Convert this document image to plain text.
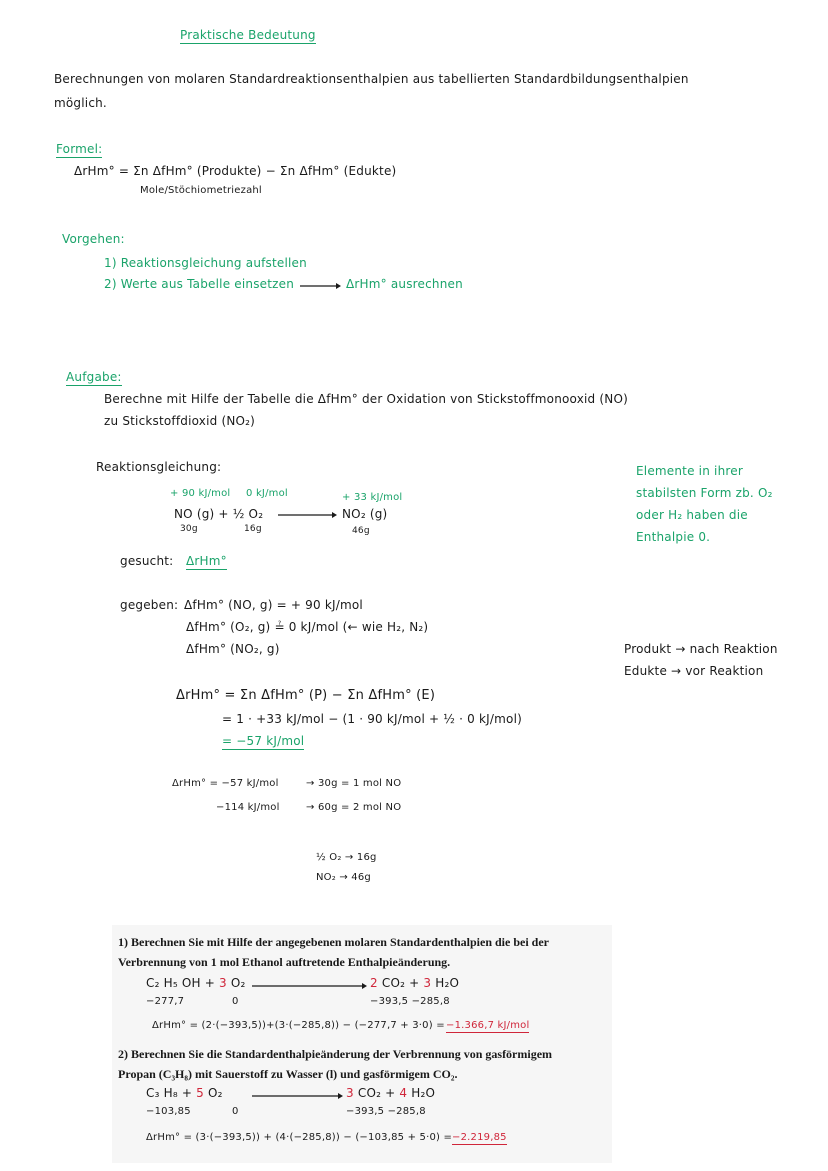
Praktische Bedeutung
Berechnungen von molaren Standardreaktionsenthalpien aus tabellierten Standardbildungsenthalpien
möglich.
Formel:
ΔrHm° = Σn ΔfHm° (Produkte) − Σn ΔfHm° (Edukte)
Mole/Stöchiometriezahl
Vorgehen:
1) Reaktionsgleichung aufstellen
2) Werte aus Tabelle einsetzen	ΔrHm° ausrechnen
Aufgabe:
Berechne mit Hilfe der Tabelle die ΔfHm° der Oxidation von Stickstoffmonooxid (NO)
zu Stickstoffdioxid (NO₂)
Reaktionsgleichung:	Elemente in ihrer
stabilsten Form zb. O₂
oder H₂ haben die
Enthalpie 0.
+ 90 kJ/mol 0 kJ/mol	+ 33 kJ/mol
NO (g) + ½ O₂ → NO₂ (g)
30g	16g	46g
gesucht: ΔrHm°
gegeben: ΔfHm° (NO, g) = + 90 kJ/mol
ΔfHm° (O₂, g) ≟ 0 kJ/mol (← wie H₂, N₂)
ΔfHm° (NO₂, g)	Produkt → nach Reaktion
Edukte → vor Reaktion
ΔrHm° = Σn ΔfHm° (P) − Σn ΔfHm° (E)
= 1 · +33 kJ/mol − (1 · 90 kJ/mol + ½ · 0 kJ/mol)
= −57 kJ/mol
ΔrHm° = −57 kJ/mol	→ 30g = 1 mol NO
−114 kJ/mol	→ 60g = 2 mol NO
½ O₂ → 16g
NO₂ → 46g
1) Berechnen Sie mit Hilfe der angegebenen molaren Standardenthalpien die bei der
Verbrennung von 1 mol Ethanol auftretende Enthalpieänderung.
C₂ H₅ OH + 3 O₂	2 CO₂ + 3 H₂O
−277,7	0	−393,5 −285,8
ΔrHm° = (2·(−393,5))+(3·(−285,8)) − (−277,7 + 3·0) = −1.366,7 kJ/mol
2) Berechnen Sie die Standardenthalpieänderung der Verbrennung von gasförmigem
Propan (C₃H₈) mit Sauerstoff zu Wasser (l) und gasförmigem CO₂.
C₃ H₈ + 5 O₂	3 CO₂ + 4 H₂O
−103,85	0	−393,5 −285,8
ΔrHm° = (3·(−393,5)) + (4·(−285,8)) − (−103,85 + 5·0) = −2.219,85
